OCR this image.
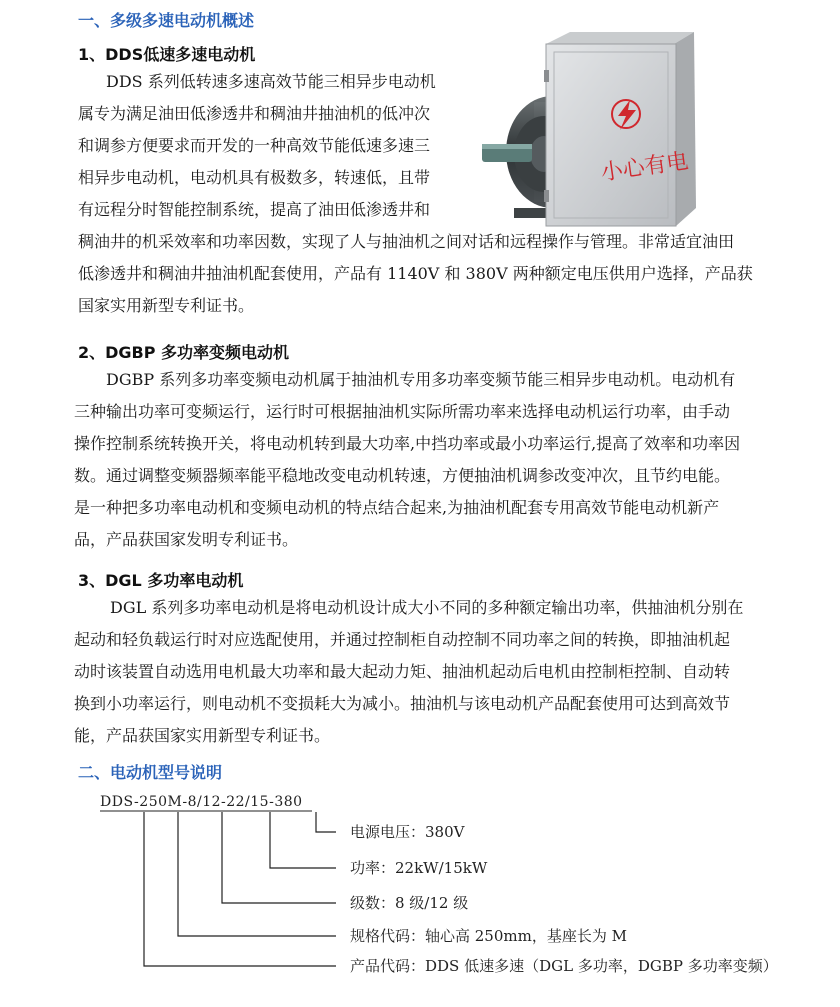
一、多级多速电动机概述
1、DDS低速多速电动机
DDS 系列低转速多速高效节能三相异步电动机
属专为满足油田低渗透井和稠油井抽油机的低冲次
和调参方便要求而开发的一种高效节能低速多速三
相异步电动机，电动机具有极数多，转速低，且带
有远程分时智能控制系统，提高了油田低渗透井和
稠油井的机采效率和功率因数，实现了人与抽油机之间对话和远程操作与管理。非常适宜油田
低渗透井和稠油井抽油机配套使用，产品有 1140V 和 380V 两种额定电压供用户选择，产品获
国家实用新型专利证书。
小心有电
2、DGBP 多功率变频电动机
DGBP 系列多功率变频电动机属于抽油机专用多功率变频节能三相异步电动机。电动机有
三种输出功率可变频运行，运行时可根据抽油机实际所需功率来选择电动机运行功率，由手动
操作控制系统转换开关，将电动机转到最大功率,中挡功率或最小功率运行,提高了效率和功率因
数。通过调整变频器频率能平稳地改变电动机转速，方便抽油机调参改变冲次，且节约电能。
是一种把多功率电动机和变频电动机的特点结合起来,为抽油机配套专用高效节能电动机新产
品，产品获国家发明专利证书。
3、DGL 多功率电动机
DGL 系列多功率电动机是将电动机设计成大小不同的多种额定输出功率，供抽油机分别在
起动和轻负载运行时对应选配使用，并通过控制柜自动控制不同功率之间的转换，即抽油机起
动时该装置自动选用电机最大功率和最大起动力矩、抽油机起动后电机由控制柜控制、自动转
换到小功率运行，则电动机不变损耗大为减小。抽油机与该电动机产品配套使用可达到高效节
能，产品获国家实用新型专利证书。
二、电动机型号说明
DDS-250M-8/12-22/15-380
电源电压：380V
功率：22kW/15kW
级数：8 级/12 级
规格代码：轴心高 250mm，基座长为 M
产品代码：DDS 低速多速（DGL 多功率，DGBP 多功率变频）
